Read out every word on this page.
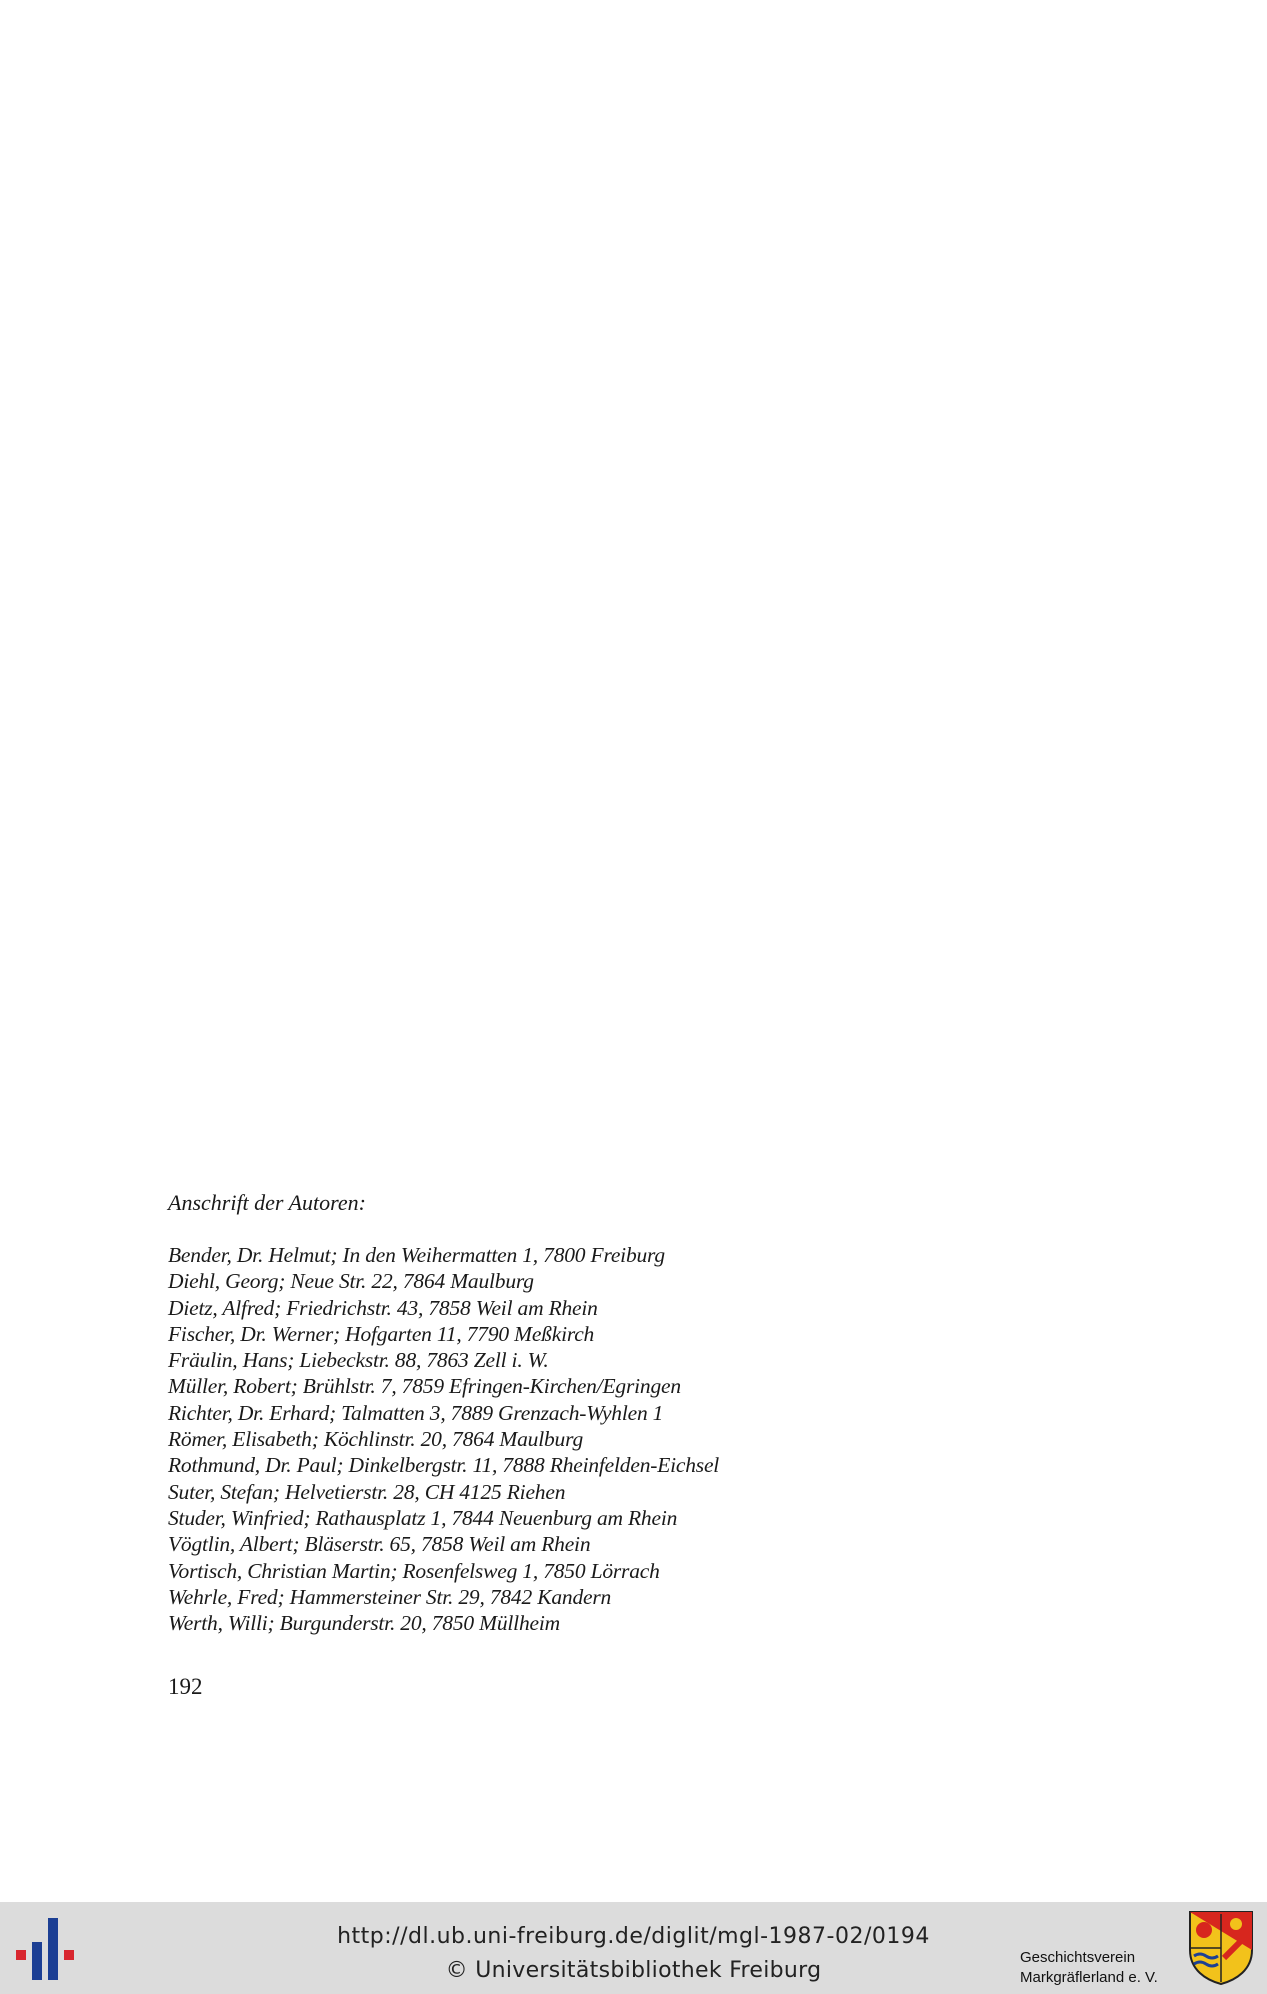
Anschrift der Autoren:

Bender, Dr. Helmut; In den Weihermatten 1, 7800 Freiburg
Diehl, Georg; Neue Str. 22, 7864 Maulburg
Dietz, Alfred; Friedrichstr. 43, 7858 Weil am Rhein
Fischer, Dr. Werner; Hofgarten 11, 7790 Meßkirch
Fräulin, Hans; Liebeckstr. 88, 7863 Zell i. W.
Müller, Robert; Brühlstr. 7, 7859 Efringen-Kirchen/Egringen
Richter, Dr. Erhard; Talmatten 3, 7889 Grenzach-Wyhlen 1
Römer, Elisabeth; Köchlinstr. 20, 7864 Maulburg
Rothmund, Dr. Paul; Dinkelbergstr. 11, 7888 Rheinfelden-Eichsel
Suter, Stefan; Helvetierstr. 28, CH 4125 Riehen
Studer, Winfried; Rathausplatz 1, 7844 Neuenburg am Rhein
Vögtlin, Albert; Bläserstr. 65, 7858 Weil am Rhein
Vortisch, Christian Martin; Rosenfelsweg 1, 7850 Lörrach
Wehrle, Fred; Hammersteiner Str. 29, 7842 Kandern
Werth, Willi; Burgunderstr. 20, 7850 Müllheim
192
http://dl.ub.uni-freiburg.de/diglit/mgl-1987-02/0194
© Universitätsbibliothek Freiburg
Geschichtsverein
Markgräflerland e. V.
